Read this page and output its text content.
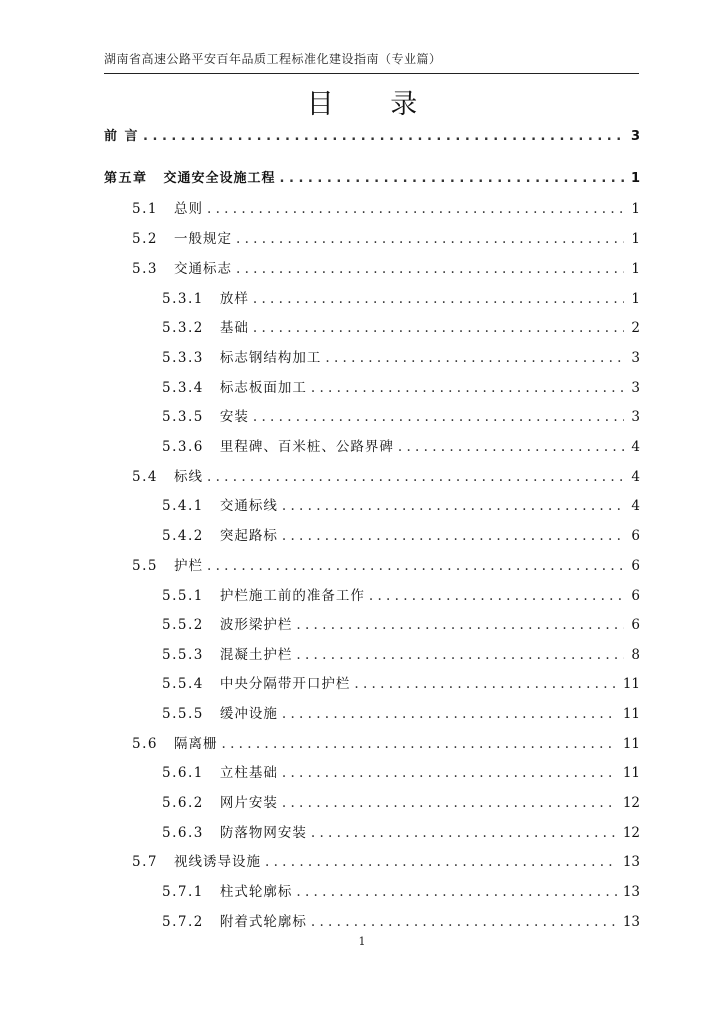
湖南省高速公路平安百年品质工程标准化建设指南（专业篇）
目 录
前 言 . . .	3
第五章 交通安全设施工程 . . .	1
5.1 总则 . . .	1
5.2 一般规定 . . .	1
5.3 交通标志 . . .	1
5.3.1 放样 . . .	1
5.3.2 基础 . . .	2
5.3.3 标志钢结构加工 . . .	3
5.3.4 标志板面加工 . . .	3
5.3.5 安装 . . .	3
5.3.6 里程碑、百米桩、公路界碑 . . .	4
5.4 标线 . . .	4
5.4.1 交通标线 . . .	4
5.4.2 突起路标 . . .	6
5.5 护栏 . . .	6
5.5.1 护栏施工前的准备工作 . . .	6
5.5.2 波形梁护栏 . . .	6
5.5.3 混凝土护栏 . . .	8
5.5.4 中央分隔带开口护栏 . . .	11
5.5.5 缓冲设施 . . .	11
5.6 隔离栅 . . .	11
5.6.1 立柱基础 . . .	11
5.6.2 网片安装 . . .	12
5.6.3 防落物网安装 . . .	12
5.7 视线诱导设施 . . .	13
5.7.1 柱式轮廓标 . . .	13
5.7.2 附着式轮廓标 . . .	13
1
